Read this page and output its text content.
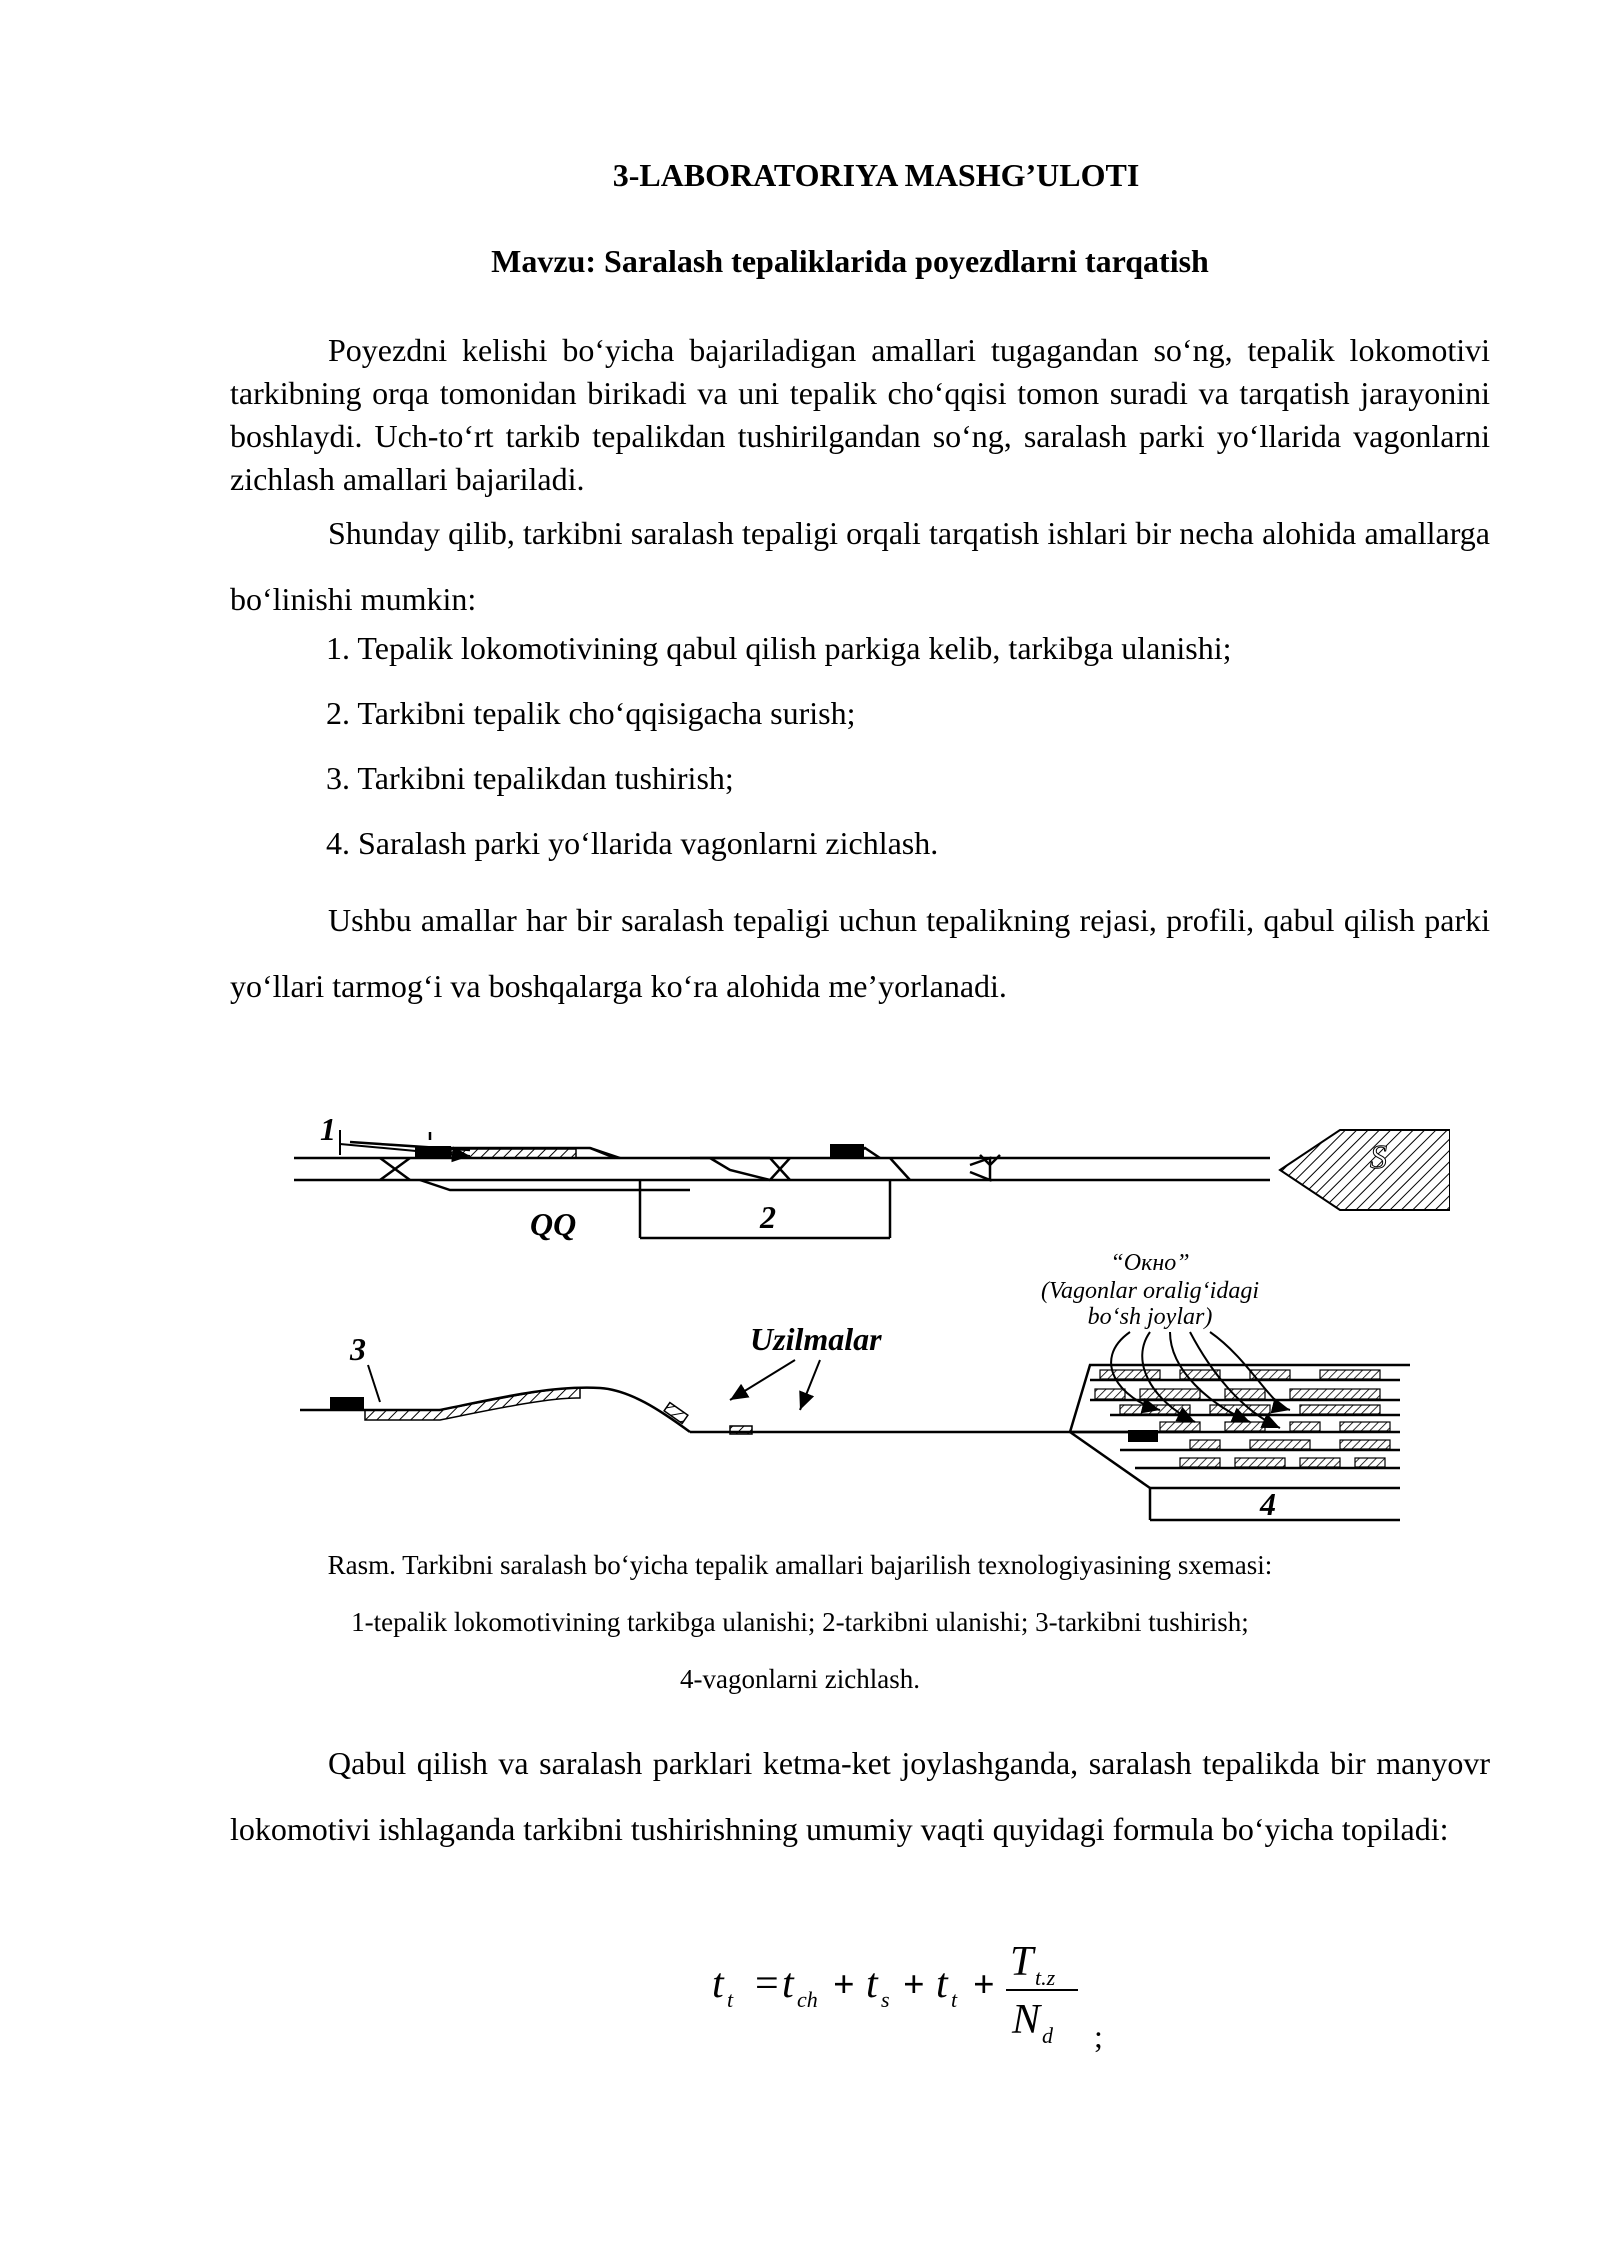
3-LABORATORIYA MASHG’ULOTI
Mavzu: Saralash tepaliklarida poyezdlarni tarqatish
Poyezdni kelishi bo‘yicha bajariladigan amallari tugagandan so‘ng, tepalik lokomotivi tarkibning orqa tomonidan birikadi va uni tepalik cho‘qqisi tomon suradi va tarqatish jarayonini boshlaydi. Uch-to‘rt tarkib tepalikdan tushirilgandan so‘ng, saralash parki yo‘llarida vagonlarni zichlash amallari bajariladi.
Shunday qilib, tarkibni saralash tepaligi orqali tarqatish ishlari bir necha alohida amallarga bo‘linishi mumkin:
1. Tepalik lokomotivining qabul qilish parkiga kelib, tarkibga ulanishi;
2. Tarkibni tepalik cho‘qqisigacha surish;
3. Tarkibni tepalikdan tushirish;
4. Saralash parki yo‘llarida vagonlarni zichlash.
Ushbu amallar har bir saralash tepaligi uchun tepalikning rejasi, profili, qabul qilish parki yo‘llari tarmog‘i va boshqalarga ko‘ra alohida me’yorlanadi.
S
1
QQ	2
“Окно”
(Vagonlar oralig‘idagi
bo‘sh joylar)
3	Uzilmalar
4
Rasm. Tarkibni saralash bo‘yicha tepalik amallari bajarilish texnologiyasining sxemasi:
1-tepalik lokomotivining tarkibga ulanishi; 2-tarkibni ulanishi; 3-tarkibni tushirish;
4-vagonlarni zichlash.
Qabul qilish va saralash parklari ketma-ket joylashganda, saralash tepalikda bir manyovr lokomotivi ishlaganda tarkibni tushirishning umumiy vaqti quyidagi formula bo‘yicha topiladi:
t t = t ch + t s + t t + T t.z
N d ;
